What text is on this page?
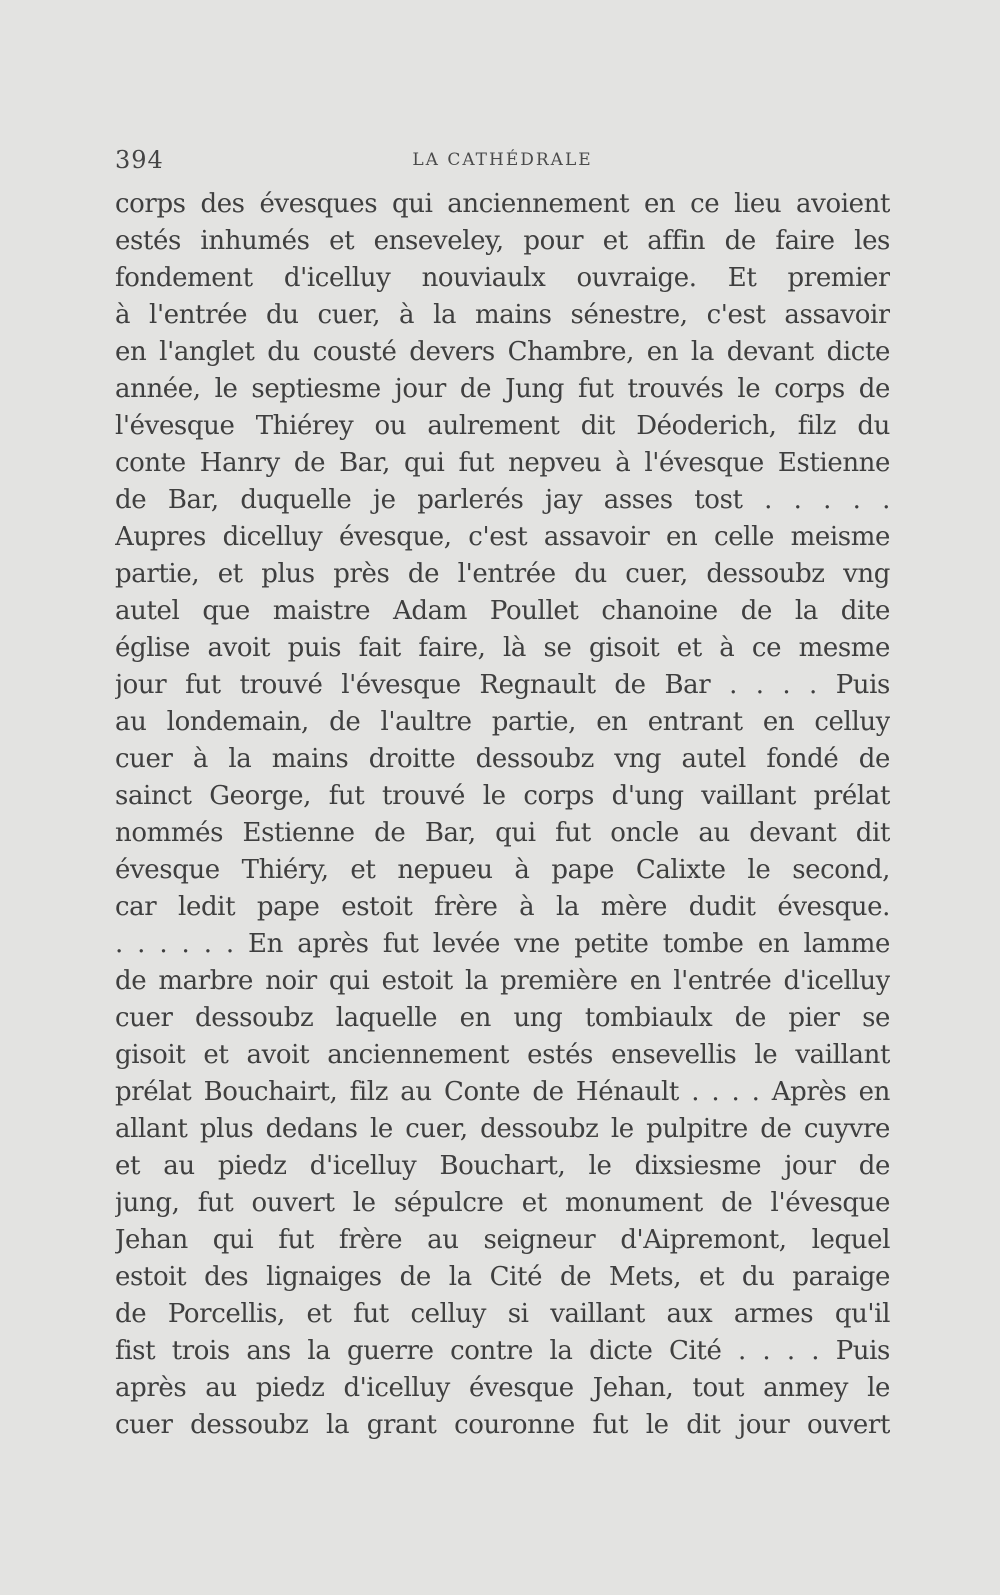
394	LA CATHÉDRALE
corps des évesques qui anciennement en ce lieu avoient
estés inhumés et enseveley, pour et affin de faire les
fondement d'icelluy nouviaulx ouvraige. Et premier
à l'entrée du cuer, à la mains sénestre, c'est assavoir
en l'anglet du cousté devers Chambre, en la devant dicte
année, le septiesme jour de Jung fut trouvés le corps de
l'évesque Thiérey ou aulrement dit Déoderich, filz du
conte Hanry de Bar, qui fut nepveu à l'évesque Estienne
de Bar, duquelle je parlerés jay asses tost . . . . .
Aupres dicelluy évesque, c'est assavoir en celle meisme
partie, et plus près de l'entrée du cuer, dessoubz vng
autel que maistre Adam Poullet chanoine de la dite
église avoit puis fait faire, là se gisoit et à ce mesme
jour fut trouvé l'évesque Regnault de Bar . . . . Puis
au londemain, de l'aultre partie, en entrant en celluy
cuer à la mains droitte dessoubz vng autel fondé de
sainct George, fut trouvé le corps d'ung vaillant prélat
nommés Estienne de Bar, qui fut oncle au devant dit
évesque Thiéry, et nepueu à pape Calixte le second,
car ledit pape estoit frère à la mère dudit évesque.
. . . . . . En après fut levée vne petite tombe en lamme
de marbre noir qui estoit la première en l'entrée d'icelluy
cuer dessoubz laquelle en ung tombiaulx de pier se
gisoit et avoit anciennement estés ensevellis le vaillant
prélat Bouchairt, filz au Conte de Hénault . . . . Après en
allant plus dedans le cuer, dessoubz le pulpitre de cuyvre
et au piedz d'icelluy Bouchart, le dixsiesme jour de
jung, fut ouvert le sépulcre et monument de l'évesque
Jehan qui fut frère au seigneur d'Aipremont, lequel
estoit des lignaiges de la Cité de Mets, et du paraige
de Porcellis, et fut celluy si vaillant aux armes qu'il
fist trois ans la guerre contre la dicte Cité . . . . Puis
après au piedz d'icelluy évesque Jehan, tout anmey le
cuer dessoubz la grant couronne fut le dit jour ouvert
